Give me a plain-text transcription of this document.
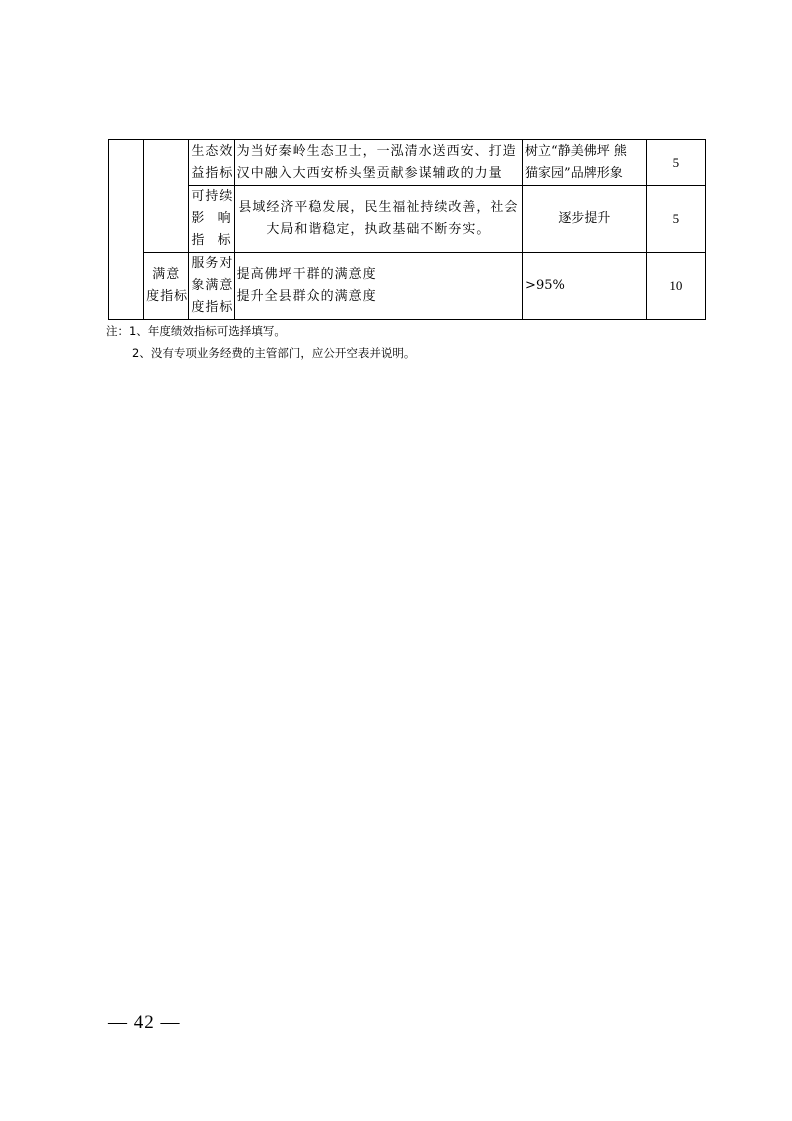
		生态效
益指标	为当好秦岭生态卫士，一泓清水送西安、打造
汉中融入大西安桥头堡贡献参谋辅政的力量	树立“静美佛坪 熊
猫家园”品牌形象	5

		可持续
影 响
指标	县域经济平稳发展，民生福祉持续改善，社会
大局和谐稳定，执政基础不断夯实。	逐步提升	5

	满意
度指标	服务对
象满意
度指标	提高佛坪干群的满意度
提升全县群众的满意度	>95%	10
注：1、年度绩效指标可选择填写。
2、没有专项业务经费的主管部门，应公开空表并说明。
— 42 —
